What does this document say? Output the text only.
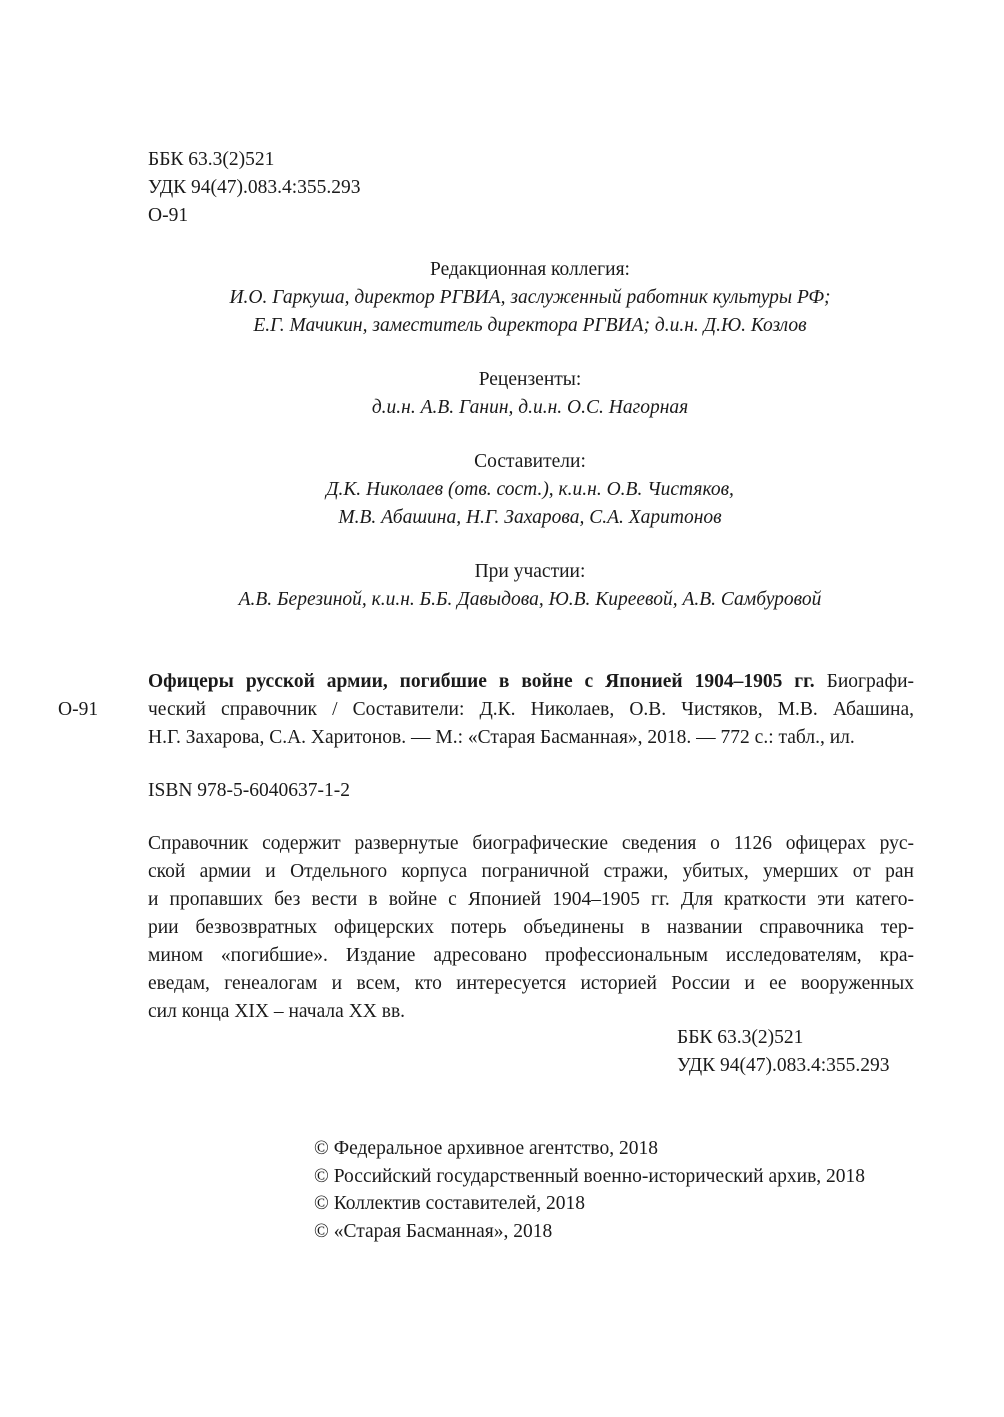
ББК 63.3(2)521
УДК 94(47).083.4:355.293
О-91
Редакционная коллегия:
И.О. Гаркуша, директор РГВИА, заслуженный работник культуры РФ;
Е.Г. Мачикин, заместитель директора РГВИА; д.и.н. Д.Ю. Козлов
Рецензенты:
д.и.н. А.В. Ганин, д.и.н. О.С. Нагорная
Составители:
Д.К. Николаев (отв. сост.), к.и.н. О.В. Чистяков,
М.В. Абашина, Н.Г. Захарова, С.А. Харитонов
При участии:
А.В. Березиной, к.и.н. Б.Б. Давыдова, Ю.В. Киреевой, А.В. Самбуровой
О-91
Офицеры русской армии, погибшие в войне с Японией 1904–1905 гг. Биографи-
ческий справочник / Составители: Д.К. Николаев, О.В. Чистяков, М.В. Абашина,
Н.Г. Захарова, С.А. Харитонов. — М.: «Старая Басманная», 2018. — 772 с.: табл., ил.
ISBN 978-5-6040637-1-2
Справочник содержит развернутые биографические сведения о 1126 офицерах рус-
ской армии и Отдельного корпуса пограничной стражи, убитых, умерших от ран
и пропавших без вести в войне с Японией 1904–1905 гг. Для краткости эти катего-
рии безвозвратных офицерских потерь объединены в названии справочника тер-
мином «погибшие». Издание адресовано профессиональным исследователям, кра-
еведам, генеалогам и всем, кто интересуется историей России и ее вооруженных
сил конца XIX – начала XX вв.
ББК 63.3(2)521
УДК 94(47).083.4:355.293
© Федеральное архивное агентство, 2018
© Российский государственный военно-исторический архив, 2018
© Коллектив составителей, 2018
© «Старая Басманная», 2018
